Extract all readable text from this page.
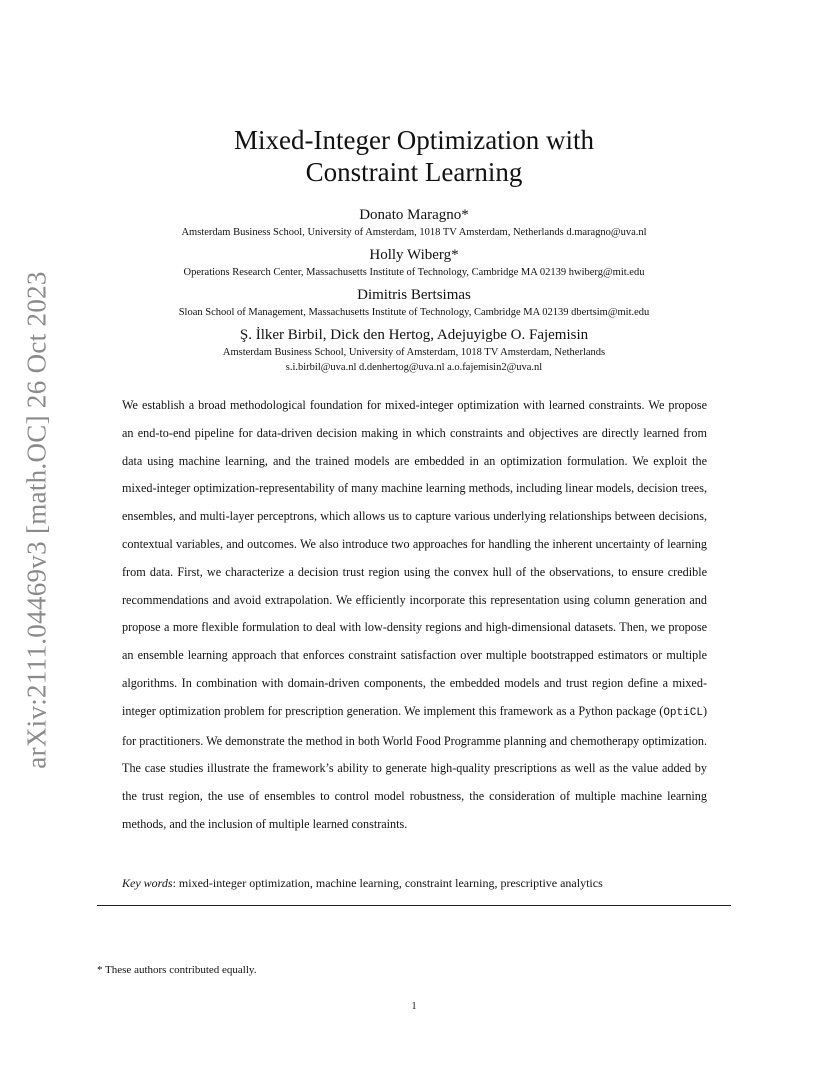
arXiv:2111.04469v3 [math.OC] 26 Oct 2023
Mixed-Integer Optimization with
Constraint Learning
Donato Maragno*
Amsterdam Business School, University of Amsterdam, 1018 TV Amsterdam, Netherlands d.maragno@uva.nl
Holly Wiberg*
Operations Research Center, Massachusetts Institute of Technology, Cambridge MA 02139 hwiberg@mit.edu
Dimitris Bertsimas
Sloan School of Management, Massachusetts Institute of Technology, Cambridge MA 02139 dbertsim@mit.edu
Ş. İlker Birbil, Dick den Hertog, Adejuyigbe O. Fajemisin
Amsterdam Business School, University of Amsterdam, 1018 TV Amsterdam, Netherlands
s.i.birbil@uva.nl d.denhertog@uva.nl a.o.fajemisin2@uva.nl
We establish a broad methodological foundation for mixed-integer optimization with learned constraints. We propose an end-to-end pipeline for data-driven decision making in which constraints and objectives are directly learned from data using machine learning, and the trained models are embedded in an optimization formulation. We exploit the mixed-integer optimization-representability of many machine learning methods, including linear models, decision trees, ensembles, and multi-layer perceptrons, which allows us to capture various underlying relationships between decisions, contextual variables, and outcomes. We also introduce two approaches for handling the inherent uncertainty of learning from data. First, we characterize a decision trust region using the convex hull of the observations, to ensure credible recommendations and avoid extrapolation. We efficiently incorporate this representation using column generation and propose a more flexible formulation to deal with low-density regions and high-dimensional datasets. Then, we propose an ensemble learning approach that enforces constraint satisfaction over multiple bootstrapped estimators or multiple algorithms. In combination with domain-driven components, the embedded models and trust region define a mixed-integer optimization problem for prescription generation. We implement this framework as a Python package (OptiCL) for practitioners. We demonstrate the method in both World Food Programme planning and chemotherapy optimization. The case studies illustrate the framework’s ability to generate high-quality prescriptions as well as the value added by the trust region, the use of ensembles to control model robustness, the consideration of multiple machine learning methods, and the inclusion of multiple learned constraints.
Key words: mixed-integer optimization, machine learning, constraint learning, prescriptive analytics
* These authors contributed equally.
1
